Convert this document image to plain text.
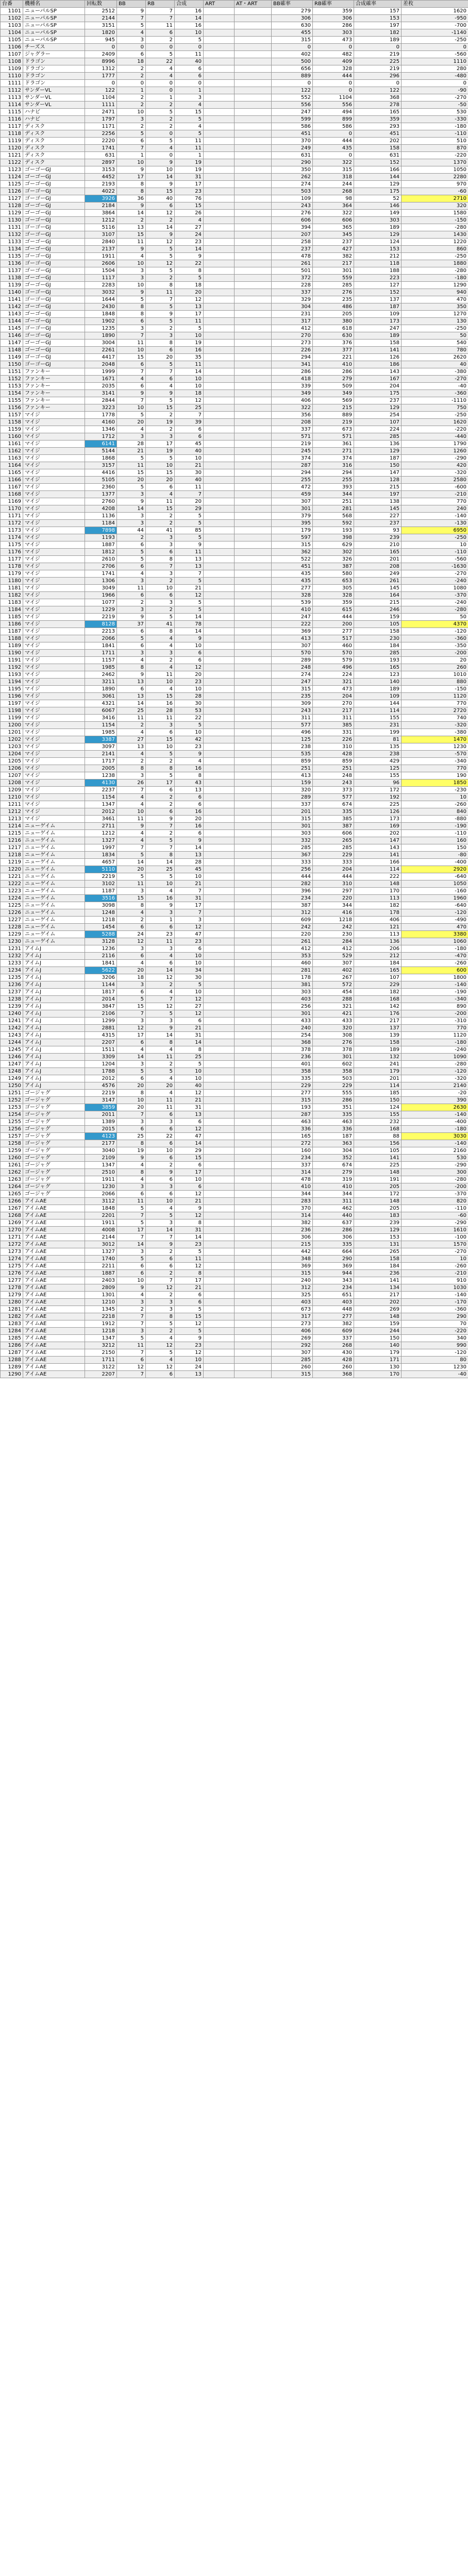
台番	機種名	回転数	BB	RB	合成	ART	AT・ART	BB確率	RB確率	合成確率	差枚
1101	ニューパルSP	2512	9	7	16			279	359	157	1620
1102	ニューパルSP	2144	7	7	14			306	306	153	-950
1103	ニューパルSP	3151	5	11	16			630	286	197	-700
1104	ニューパルSP	1820	4	6	10			455	303	182	-1140
1105	ニューパルSP	945	3	2	5			315	473	189	-250
1106	チーズス	0	0	0	0			0	0	0	0
1107	ジャグラー	2409	6	5	11			402	482	219	-560
1108	ドラゴン	8996	18	22	40			500	409	225	1110
1109	ドラゴン	1312	2	4	6			656	328	219	280
1110	ドラゴン	1777	2	4	6			889	444	296	-480
1111	ドラゴン	0	0	0	0			0	0	0	0
1112	サンダーVL	122	1	0	1			122	0	122	-90
1113	サンダーVL	1104	2	1	3			552	1104	368	-270
1114	サンダーVL	1111	2	2	4			556	556	278	-50
1115	ハナビ	2471	10	5	15			247	494	165	530
1116	ハナビ	1797	3	2	5			599	899	359	-330
1117	ディスク	1171	2	2	4			586	586	293	-180
1118	ディスク	2256	5	0	5			451	0	451	-110
1119	ディスク	2220	6	5	11			370	444	202	510
1120	ディスク	1741	7	4	11			249	435	158	870
1121	ディスク	631	1	0	1			631	0	631	-220
1122	ディスク	2897	10	9	19			290	322	152	1370
1123	ゴーゴーGJ	3153	9	10	19			350	315	166	1050
1124	ゴーゴーGJ	4452	17	14	31			262	318	144	2280
1125	ゴーゴーGJ	2193	8	9	17			274	244	129	970
1126	ゴーゴーGJ	4022	8	15	23			503	268	175	-60
1127	ゴーゴーGJ	3926	36	40	76			109	98	52	2710
1128	ゴーゴーGJ	2184	9	6	15			243	364	146	320
1129	ゴーゴーGJ	3864	14	12	26			276	322	149	1580
1130	ゴーゴーGJ	1212	2	2	4			606	606	303	-150
1131	ゴーゴーGJ	5116	13	14	27			394	365	189	-280
1132	ゴーゴーGJ	3107	15	9	24			207	345	129	1430
1133	ゴーゴーGJ	2840	11	12	23			258	237	124	1220
1134	ゴーゴーGJ	2137	9	5	14			237	427	153	860
1135	ゴーゴーGJ	1911	4	5	9			478	382	212	-250
1136	ゴーゴーGJ	2606	10	12	22			261	217	118	1880
1137	ゴーゴーGJ	1504	3	5	8			501	301	188	-280
1138	ゴーゴーGJ	1117	3	2	5			372	559	223	-180
1139	ゴーゴーGJ	2283	10	8	18			228	285	127	1290
1140	ゴーゴーGJ	3032	9	11	20			337	276	152	940
1141	ゴーゴーGJ	1644	5	7	12			329	235	137	470
1142	ゴーゴーGJ	2430	8	5	13			304	486	187	350
1143	ゴーゴーGJ	1848	8	9	17			231	205	109	1270
1144	ゴーゴーGJ	1902	6	5	11			317	380	173	130
1145	ゴーゴーGJ	1235	3	2	5			412	618	247	-250
1146	ゴーゴーGJ	1890	7	3	10			270	630	189	50
1147	ゴーゴーGJ	3004	11	8	19			273	376	158	540
1148	ゴーゴーGJ	2261	10	6	16			226	377	141	780
1149	ゴーゴーGJ	4417	15	20	35			294	221	126	2620
1150	ゴーゴーGJ	2048	6	5	11			341	410	186	40
1151	ファンキー	1999	7	7	14			286	286	143	-380
1152	ファンキー	1671	4	6	10			418	279	167	-270
1153	ファンキー	2035	6	4	10			339	509	204	-40
1154	ファンキー	3141	9	9	18			349	349	175	-360
1155	ファンキー	2844	7	5	12			406	569	237	-1110
1156	ファンキー	3223	10	15	25			322	215	129	750
1157	マイジ	1778	5	2	7			356	889	254	-250
1158	マイジ	4160	20	19	39			208	219	107	1620
1159	マイジ	1346	4	2	6			337	673	224	-220
1160	マイジ	1712	3	3	6			571	571	285	-440
1161	マイジ	6141	28	17	45			219	361	136	1790
1162	マイジ	5144	21	19	40			245	271	129	1260
1163	マイジ	1868	5	5	10			374	374	187	-290
1164	マイジ	3157	11	10	21			287	316	150	420
1165	マイジ	4416	15	15	30			294	294	147	-320
1166	マイジ	5105	20	20	40			255	255	128	2580
1167	マイジ	2360	5	6	11			472	393	215	-600
1168	マイジ	1377	3	4	7			459	344	197	-210
1169	マイジ	2760	9	11	20			307	251	138	770
1170	マイジ	4208	14	15	29			301	281	145	240
1171	マイジ	1136	3	2	5			379	568	227	-140
1172	マイジ	1184	3	2	5			395	592	237	-130
1173	マイジ	7898	44	41	85			179	193	93	6950
1174	マイジ	1193	2	3	5			597	398	239	-250
1175	マイジ	1887	6	3	9			315	629	210	10
1176	マイジ	1812	5	6	11			362	302	165	-110
1177	マイジ	2610	5	8	13			522	326	201	-560
1178	マイジ	2706	6	7	13			451	387	208	-1630
1179	マイジ	1741	4	3	7			435	580	249	-270
1180	マイジ	1306	3	2	5			435	653	261	-240
1181	マイジ	3049	11	10	21			277	305	145	1080
1182	マイジ	1966	6	6	12			328	328	164	-370
1183	マイジ	1077	2	3	5			539	359	215	-240
1184	マイジ	1229	3	2	5			410	615	246	-280
1185	マイジ	2219	9	5	14			247	444	159	50
1186	マイジ	8128	37	41	78			222	200	105	4370
1187	マイジ	2213	6	8	14			369	277	158	-120
1188	マイジ	2066	5	4	9			413	517	230	-360
1189	マイジ	1841	6	4	10			307	460	184	-350
1190	マイジ	1711	3	3	6			570	570	285	-200
1191	マイジ	1157	4	2	6			289	579	193	20
1192	マイジ	1985	8	4	12			248	496	165	260
1193	マイジ	2462	9	11	20			274	224	123	1010
1194	マイジ	3211	13	10	23			247	321	140	880
1195	マイジ	1890	6	4	10			315	473	189	-150
1196	マイジ	3061	13	15	28			235	204	109	1120
1197	マイジ	4321	14	16	30			309	270	144	770
1198	マイジ	6067	25	28	53			243	217	114	2720
1199	マイジ	3416	11	11	22			311	311	155	740
1200	マイジ	1154	2	3	5			577	385	231	-320
1201	マイジ	1985	4	6	10			496	331	199	-380
1202	マイジ	3387	27	15	42			125	226	81	1470
1203	マイジ	3097	13	10	23			238	310	135	1230
1204	マイジ	2141	4	5	9			535	428	238	-570
1205	マイジ	1717	2	2	4			859	859	429	-340
1206	マイジ	2005	8	8	16			251	251	125	770
1207	マイジ	1238	3	5	8			413	248	155	190
1208	マイジ	4130	26	17	43			159	243	96	1850
1209	マイジ	2237	7	6	13			320	373	172	-230
1210	マイジ	1154	4	2	6			289	577	192	10
1211	マイジ	1347	4	2	6			337	674	225	-260
1212	マイジ	2012	10	6	16			201	335	126	840
1213	マイジ	3461	11	9	20			315	385	173	-880
1214	ニューゲイム	2711	9	7	16			301	387	169	-190
1215	ニューゲイム	1212	4	2	6			303	606	202	-110
1216	ニューゲイム	1327	4	5	9			332	265	147	160
1217	ニューゲイム	1997	7	7	14			285	285	143	150
1218	ニューゲイム	1834	5	8	13			367	229	141	-80
1219	ニューゲイム	4657	14	14	28			333	333	166	-400
1220	ニューゲイム	5110	20	25	45			256	204	114	2920
1221	ニューゲイム	2219	5	5	10			444	444	222	-640
1222	ニューゲイム	3102	11	10	21			282	310	148	1050
1223	ニューゲイム	1187	3	4	7			396	297	170	-160
1224	ニューゲイム	3516	15	16	31			234	220	113	1960
1225	ニューゲイム	3098	8	9	17			387	344	182	-640
1226	ニューゲイム	1248	4	3	7			312	416	178	-120
1227	ニューゲイム	1218	2	1	3			609	1218	406	-490
1228	ニューゲイム	1454	6	6	12			242	242	121	470
1229	ニューゲイム	5288	24	23	47			220	230	113	3380
1230	ニューゲイム	3128	12	11	23			261	284	136	1060
1231	アイムJ	1236	3	3	6			412	412	206	-180
1232	アイムJ	2116	6	4	10			353	529	212	-470
1233	アイムJ	1841	4	6	10			460	307	184	-260
1234	アイムJ	5622	20	14	34			281	402	165	600
1235	アイムJ	3206	18	12	30			178	267	107	1800
1236	アイムJ	1144	3	2	5			381	572	229	-140
1237	アイムJ	1817	6	4	10			303	454	182	-190
1238	アイムJ	2014	5	7	12			403	288	168	-340
1239	アイムJ	3847	15	12	27			256	321	142	890
1240	アイムJ	2106	7	5	12			301	421	176	-200
1241	アイムJ	1299	3	3	6			433	433	217	-310
1242	アイムJ	2881	12	9	21			240	320	137	770
1243	アイムJ	4315	17	14	31			254	308	139	1120
1244	アイムJ	2207	6	8	14			368	276	158	-180
1245	アイムJ	1511	4	4	8			378	378	189	-240
1246	アイムJ	3309	14	11	25			236	301	132	1090
1247	アイムJ	1204	3	2	5			401	602	241	-280
1248	アイムJ	1788	5	5	10			358	358	179	-120
1249	アイムJ	2012	6	4	10			335	503	201	-320
1250	アイムJ	4576	20	20	40			229	229	114	2140
1251	ゴージャグ	2219	8	4	12			277	555	185	-20
1252	ゴージャグ	3147	10	11	21			315	286	150	390
1253	ゴージャグ	3859	20	11	31			193	351	124	2630
1254	ゴージャグ	2011	7	6	13			287	335	155	-140
1255	ゴージャグ	1389	3	3	6			463	463	232	-400
1256	ゴージャグ	2015	6	6	12			336	336	168	-180
1257	ゴージャグ	4123	25	22	47			165	187	88	3030
1258	ゴージャグ	2177	8	6	14			272	363	156	-140
1259	ゴージャグ	3040	19	10	29			160	304	105	2160
1260	ゴージャグ	2109	9	6	15			234	352	141	530
1261	ゴージャグ	1347	4	2	6			337	674	225	-290
1262	ゴージャグ	2510	8	9	17			314	279	148	300
1263	ゴージャグ	1911	4	6	10			478	319	191	-280
1264	ゴージャグ	1230	3	3	6			410	410	205	-200
1265	ゴージャグ	2066	6	6	12			344	344	172	-370
1266	アイムAE	3112	11	10	21			283	311	148	820
1267	アイムAE	1848	5	4	9			370	462	205	-110
1268	アイムAE	2201	7	5	12			314	440	183	-60
1269	アイムAE	1911	5	3	8			382	637	239	-290
1270	アイムAE	4008	17	14	31			236	286	129	1610
1271	アイムAE	2144	7	7	14			306	306	153	-100
1272	アイムAE	3012	14	9	23			215	335	131	1570
1273	アイムAE	1327	3	2	5			442	664	265	-270
1274	アイムAE	1740	5	6	11			348	290	158	10
1275	アイムAE	2211	6	6	12			369	369	184	-260
1276	アイムAE	1887	6	2	8			315	944	236	-210
1277	アイムAE	2403	10	7	17			240	343	141	910
1278	アイムAE	2809	9	12	21			312	234	134	1030
1279	アイムAE	1301	4	2	6			325	651	217	-140
1280	アイムAE	1210	3	3	6			403	403	202	-170
1281	アイムAE	1345	2	3	5			673	448	269	-360
1282	アイムAE	2218	7	8	15			317	277	148	290
1283	アイムAE	1912	7	5	12			273	382	159	70
1284	アイムAE	1218	3	2	5			406	609	244	-220
1285	アイムAE	1347	5	4	9			269	337	150	340
1286	アイムAE	3212	11	12	23			292	268	140	990
1287	アイムAE	2150	7	5	12			307	430	179	-120
1288	アイムAE	1711	6	4	10			285	428	171	80
1289	アイムAE	3122	12	12	24			260	260	130	1230
1290	アイムAE	2207	7	6	13			315	368	170	-40
